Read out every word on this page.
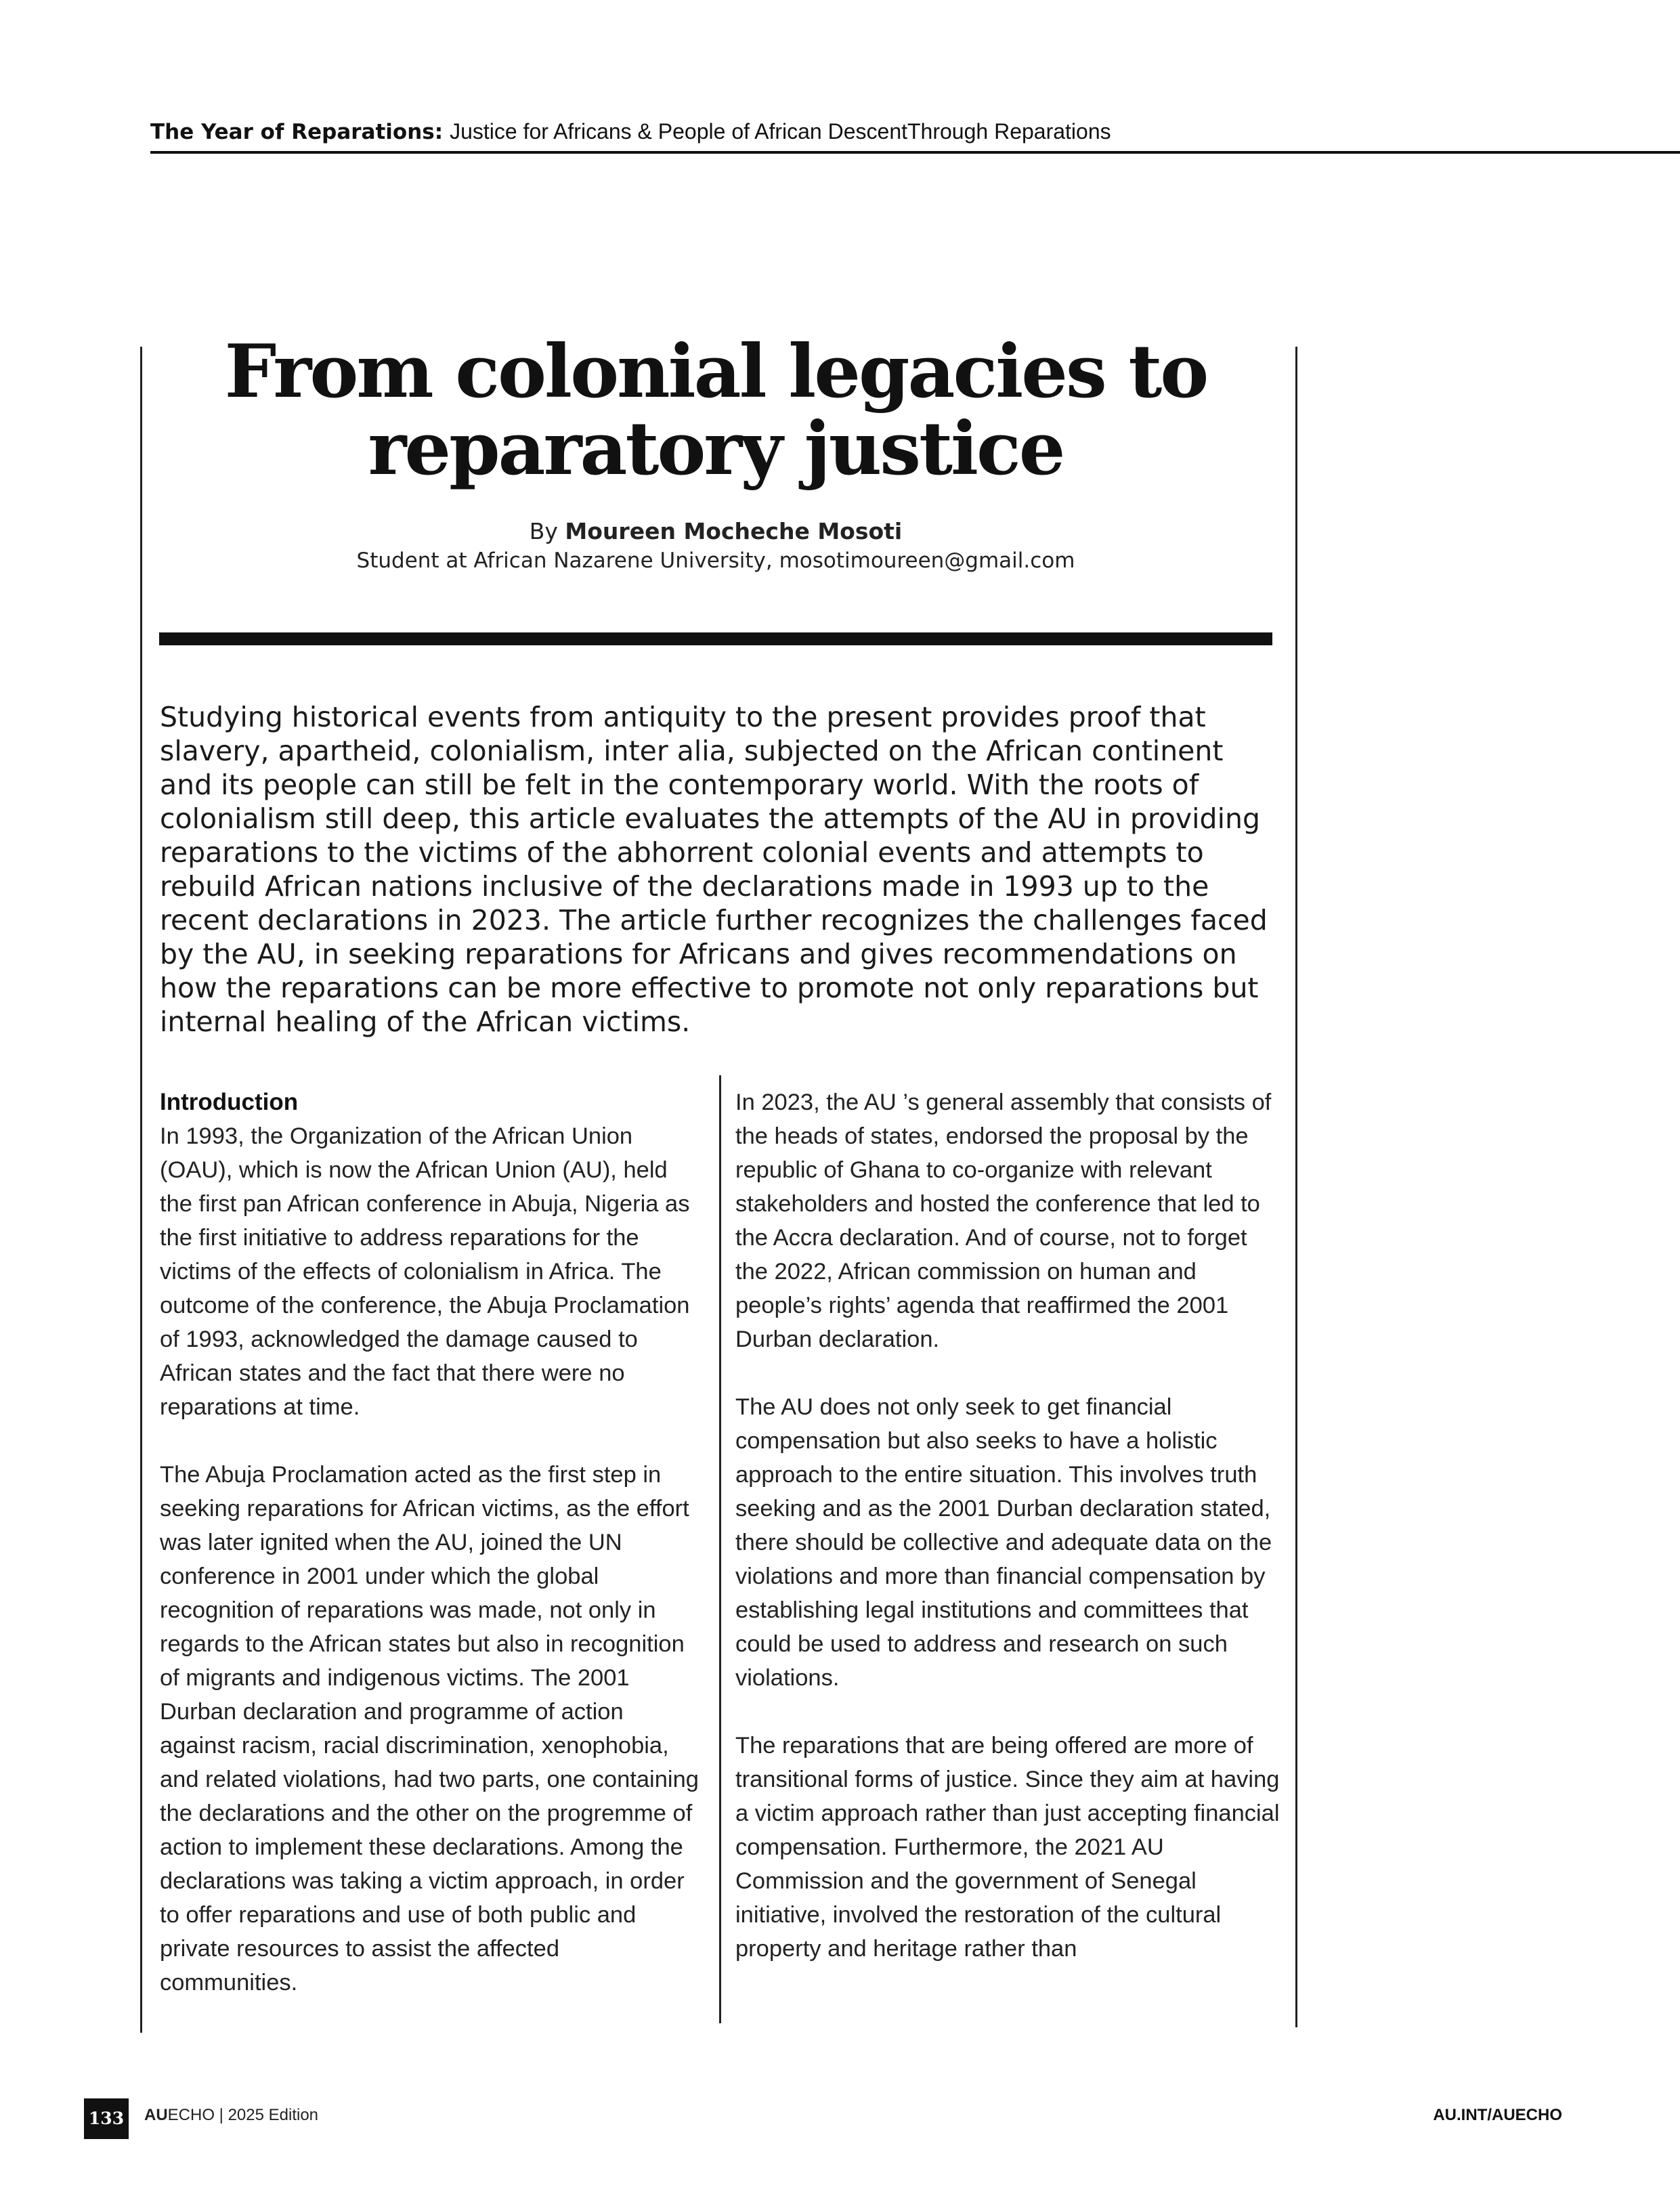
The Year of Reparations: Justice for Africans & People of African DescentThrough Reparations
From colonial legacies to reparatory justice
By Moureen Mocheche Mosoti
Student at African Nazarene University, mosotimoureen@gmail.com

Studying historical events from antiquity to the present provides proof that slavery, apartheid, colonialism, inter alia, subjected on the African continent and its people can still be felt in the contemporary world. With the roots of colonialism still deep, this article evaluates the attempts of the AU in providing reparations to the victims of the abhorrent colonial events and attempts to rebuild African nations inclusive of the declarations made in 1993 up to the recent declarations in 2023. The article further recognizes the challenges faced by the AU, in seeking reparations for Africans and gives recommendations on how the reparations can be more effective to promote not only reparations but internal healing of the African victims.

Introduction

In 1993, the Organization of the African Union (OAU), which is now the African Union (AU), held the first pan African conference in Abuja, Nigeria as the first initiative to address reparations for the victims of the effects of colonialism in Africa. The outcome of the conference, the Abuja Proclamation of 1993, acknowledged the damage caused to African states and the fact that there were no reparations at time.

The Abuja Proclamation acted as the first step in seeking reparations for African victims, as the effort was later ignited when the AU, joined the UN conference in 2001 under which the global recognition of reparations was made, not only in regards to the African states but also in recognition of migrants and indigenous victims. The 2001 Durban declaration and programme of action against racism, racial discrimination, xenophobia, and related violations, had two parts, one containing the declarations and the other on the progremme of action to implement these declarations. Among the declarations was taking a victim approach, in order to offer reparations and use of both public and private resources to assist the affected communities.

In 2023, the AU ’s general assembly that consists of the heads of states, endorsed the proposal by the republic of Ghana to co-organize with relevant stakeholders and hosted the conference that led to the Accra declaration. And of course, not to forget the 2022, African commission on human and people’s rights’ agenda that reaffirmed the 2001 Durban declaration.

The AU does not only seek to get financial compensation but also seeks to have a holistic approach to the entire situation. This involves truth seeking and as the 2001 Durban declaration stated, there should be collective and adequate data on the violations and more than financial compensation by establishing legal institutions and committees that could be used to address and research on such violations.

The reparations that are being offered are more of transitional forms of justice. Since they aim at having a victim approach rather than just accepting financial compensation. Furthermore, the 2021 AU Commission and the government of Senegal initiative, involved the restoration of the cultural property and heritage rather than

133 AUECHO | 2025 Edition	AU.INT/AUECHO
